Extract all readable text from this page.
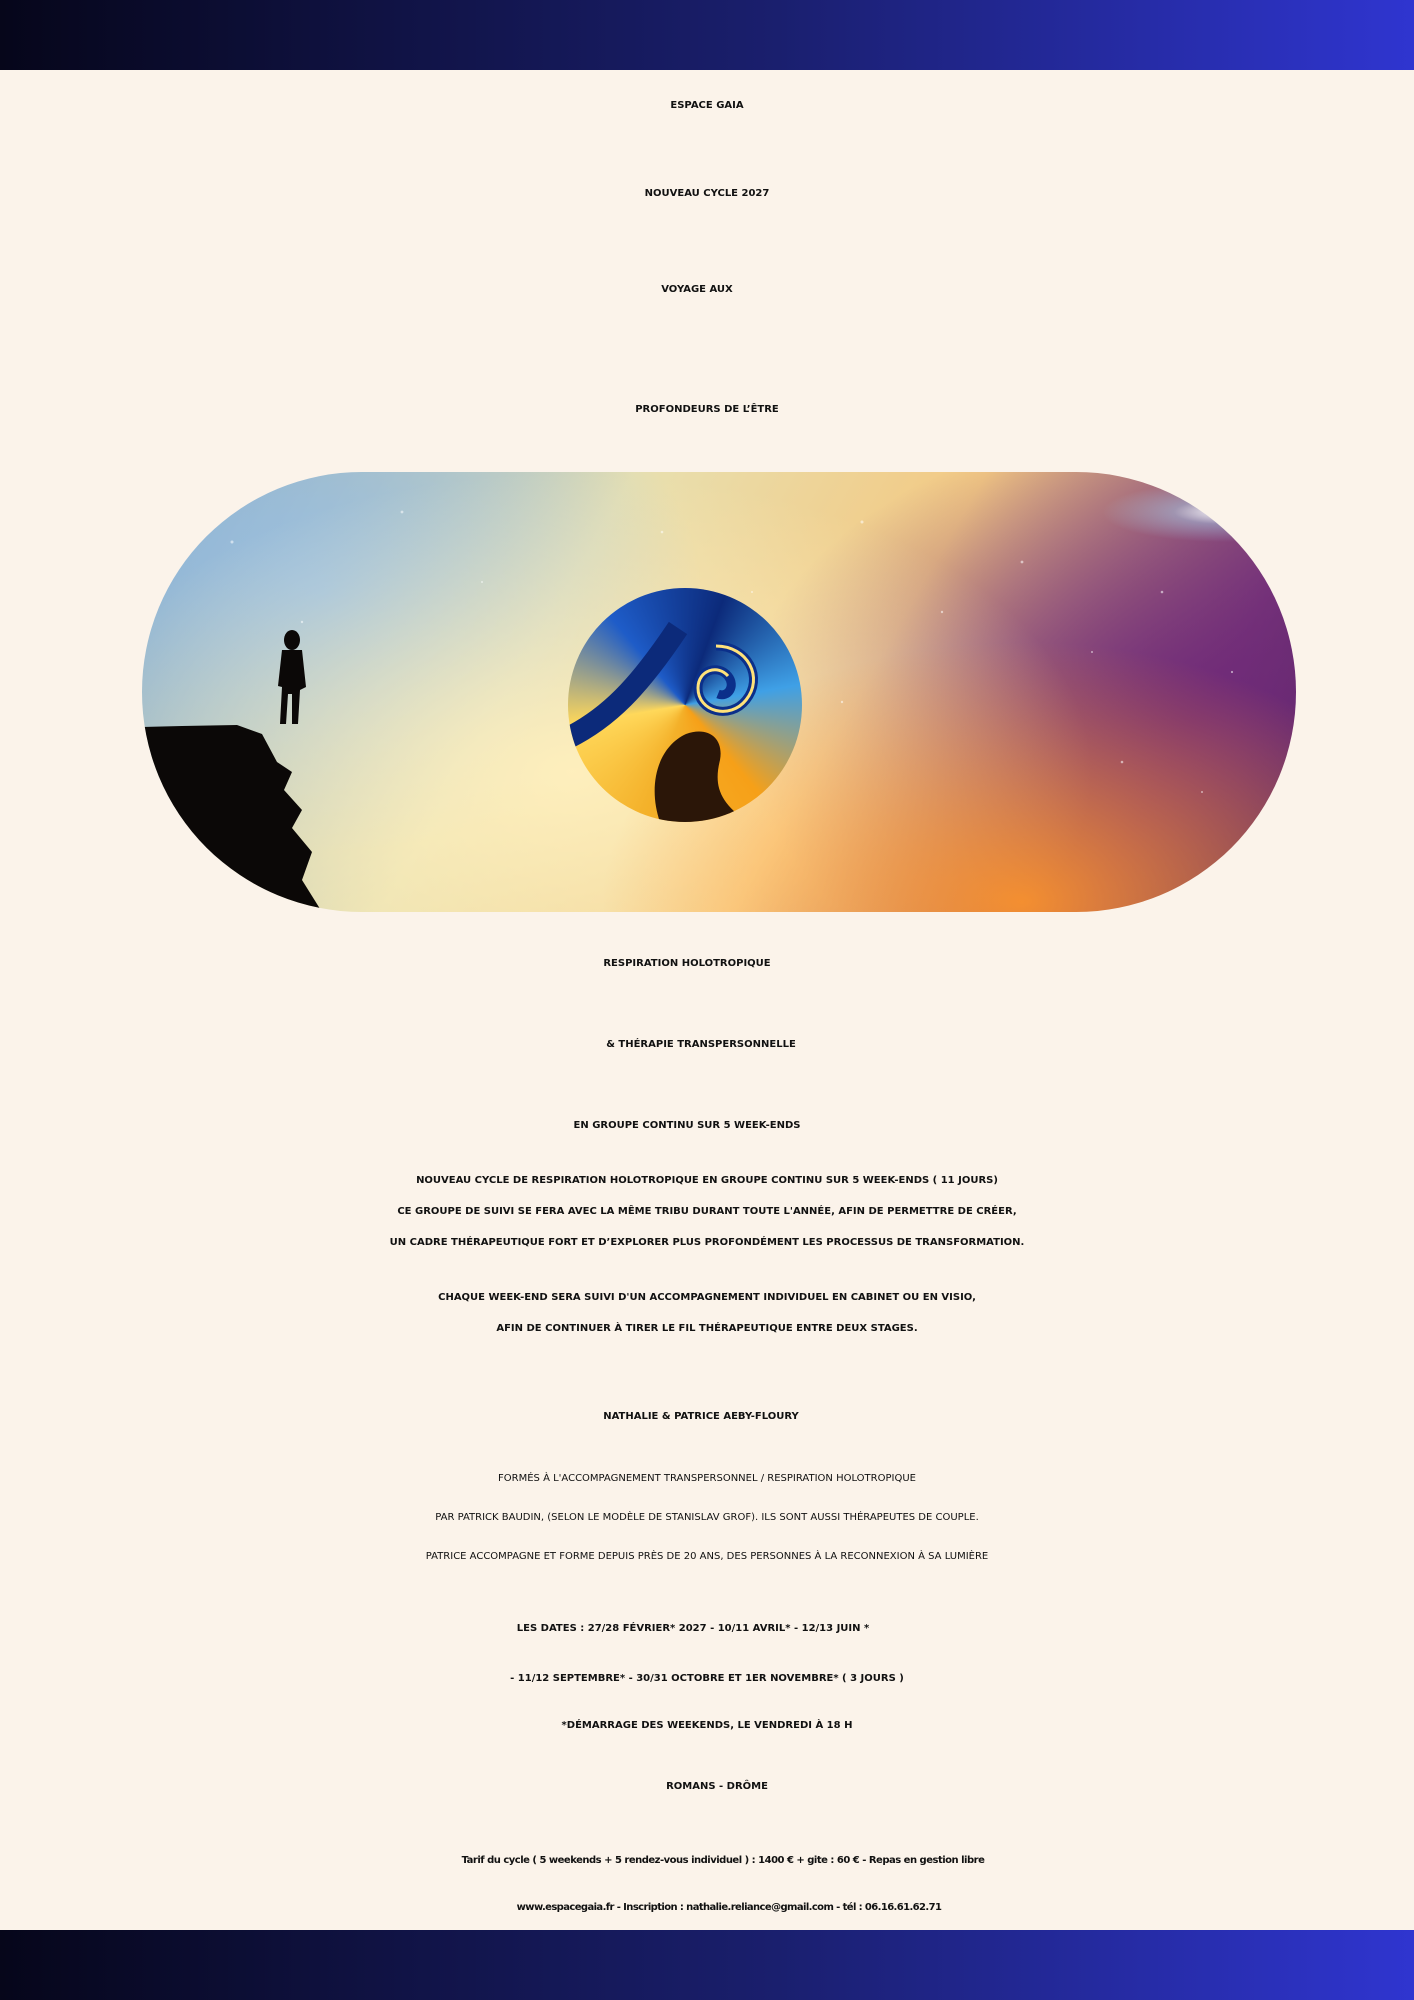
ESPACE GAIA

NOUVEAU CYCLE 2027

VOYAGE AUX

PROFONDEURS DE L’ÊTRE

RESPIRATION HOLOTROPIQUE

& THÉRAPIE TRANSPERSONNELLE

EN GROUPE CONTINU SUR 5 WEEK-ENDS

NOUVEAU CYCLE DE RESPIRATION HOLOTROPIQUE EN GROUPE CONTINU SUR 5 WEEK-ENDS ( 11 JOURS)

CE GROUPE DE SUIVI SE FERA AVEC LA MÊME TRIBU DURANT TOUTE L'ANNÉE, AFIN DE PERMETTRE DE CRÉER,

UN CADRE THÉRAPEUTIQUE FORT ET D’EXPLORER PLUS PROFONDÉMENT LES PROCESSUS DE TRANSFORMATION.

CHAQUE WEEK-END SERA SUIVI D'UN ACCOMPAGNEMENT INDIVIDUEL EN CABINET OU EN VISIO,

AFIN DE CONTINUER À TIRER LE FIL THÉRAPEUTIQUE ENTRE DEUX STAGES.

NATHALIE & PATRICE AEBY-FLOURY

FORMÉS À L'ACCOMPAGNEMENT TRANSPERSONNEL / RESPIRATION HOLOTROPIQUE

PAR PATRICK BAUDIN, (SELON LE MODÈLE DE STANISLAV GROF). ILS SONT AUSSI THÉRAPEUTES DE COUPLE.

PATRICE ACCOMPAGNE ET FORME DEPUIS PRÈS DE 20 ANS, DES PERSONNES À LA RECONNEXION À SA LUMIÈRE

LES DATES : 27/28 FÉVRIER* 2027 - 10/11 AVRIL* - 12/13 JUIN *

- 11/12 SEPTEMBRE* - 30/31 OCTOBRE ET 1ER NOVEMBRE* ( 3 JOURS )

*DÉMARRAGE DES WEEKENDS, LE VENDREDI À 18 H

ROMANS - DRÔME

Tarif du cycle ( 5 weekends + 5 rendez-vous individuel ) : 1400 € + gite : 60 € - Repas en gestion libre

www.espacegaia.fr - Inscription : nathalie.reliance@gmail.com - tél : 06.16.61.62.71
